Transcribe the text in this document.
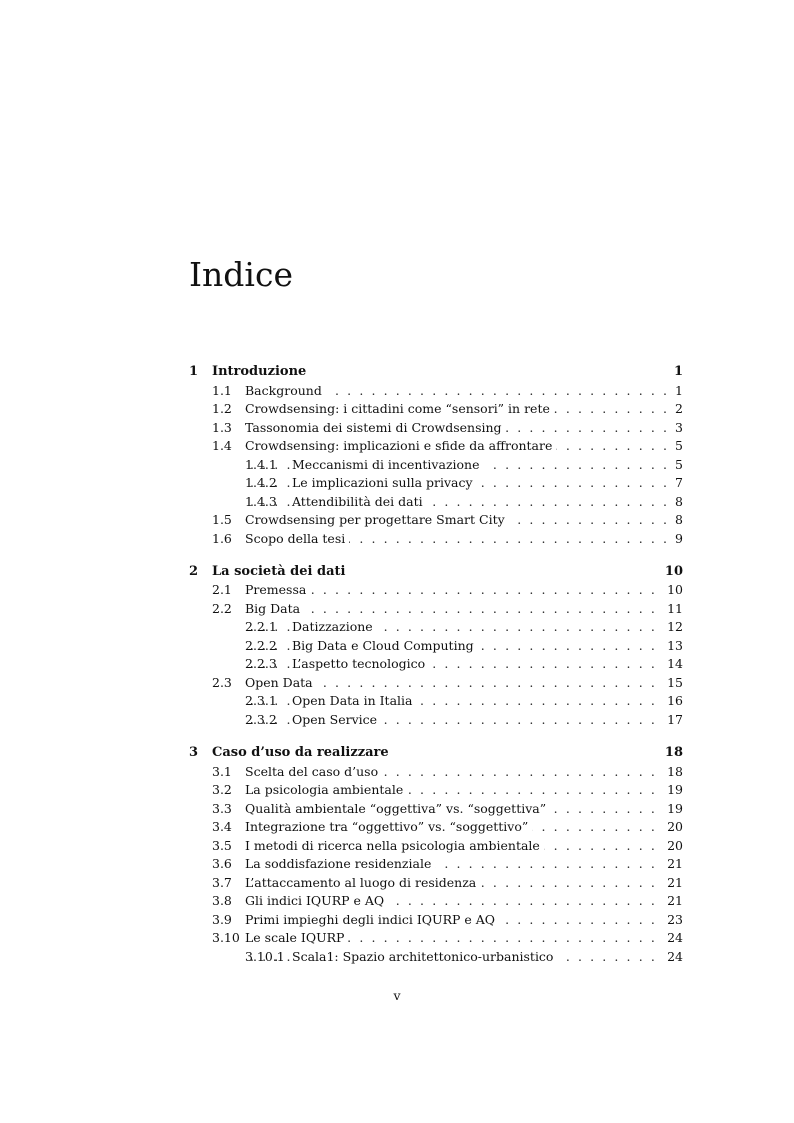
Indice
1 Introduzione	1
. . .
1.1 Background	1
. . .
1.2 Crowdsensing: i cittadini come “sensori” in rete	2
. . .
1.3 Tassonomia dei sistemi di Crowdsensing	3
. . .
1.4 Crowdsensing: implicazioni e sfide da affrontare	5
. . .
1.4.1 Meccanismi di incentivazione	5
. . .
1.4.2 Le implicazioni sulla privacy	7
. . .
1.4.3 Attendibilità dei dati	8
. . .
1.5 Crowdsensing per progettare Smart City	8
. . .
1.6 Scopo della tesi	9
2 La società dei dati	10
. . .
2.1 Premessa	10
. . .
2.2 Big Data	11
. . .
2.2.1 Datizzazione	12
. . .
2.2.2 Big Data e Cloud Computing	13
. . .
2.2.3 L’aspetto tecnologico	14
. . .
2.3 Open Data	15
. . .
2.3.1 Open Data in Italia	16
. . .
2.3.2 Open Service	17
3 Caso d’uso da realizzare	18
. . .
3.1 Scelta del caso d’uso	18
. . .
3.2 La psicologia ambientale	19
. . .
3.3 Qualità ambientale “oggettiva” vs. “soggettiva”	19
. . .
3.4 Integrazione tra “oggettivo” vs. “soggettivo”	20
. . .
3.5 I metodi di ricerca nella psicologia ambientale	20
. . .
3.6 La soddisfazione residenziale	21
. . .
3.7 L’attaccamento al luogo di residenza	21
. . .
3.8 Gli indici IQURP e AQ	21
. . .
3.9 Primi impieghi degli indici IQURP e AQ	23
. . .
3.10 Le scale IQURP	24
. . .
3.10.1 Scala1: Spazio architettonico-urbanistico	24
v
